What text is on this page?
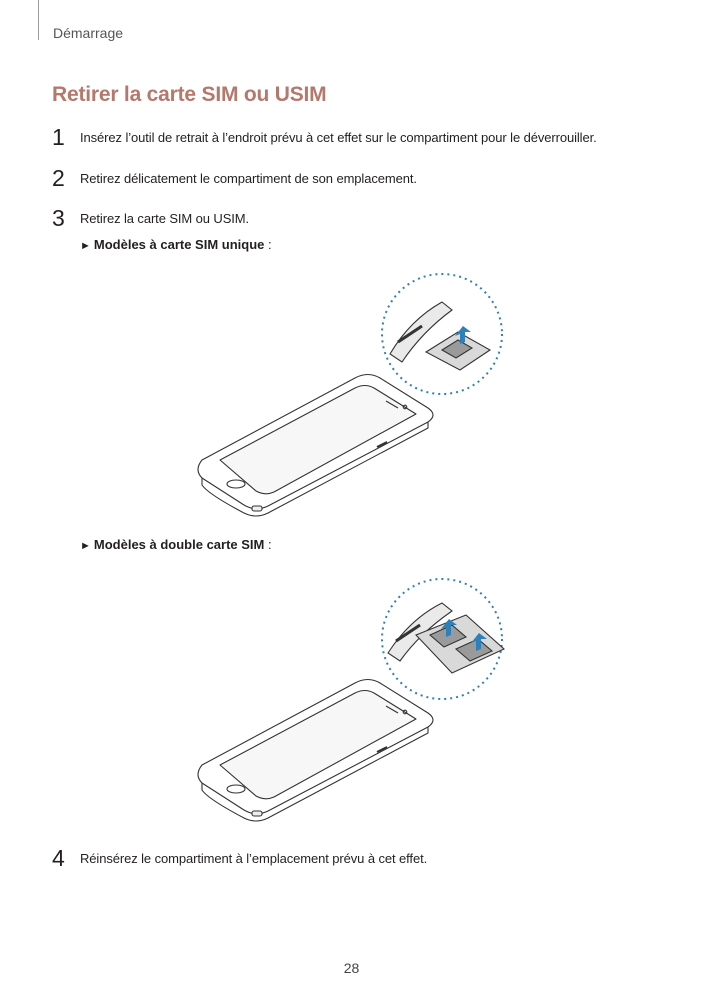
Démarrage
Retirer la carte SIM ou USIM
1	Insérez l’outil de retrait à l’endroit prévu à cet effet sur le compartiment pour le déverrouiller.
2	Retirez délicatement le compartiment de son emplacement.
3	Retirez la carte SIM ou USIM.
► Modèles à carte SIM unique :
► Modèles à double carte SIM :
4	Réinsérez le compartiment à l’emplacement prévu à cet effet.
28
